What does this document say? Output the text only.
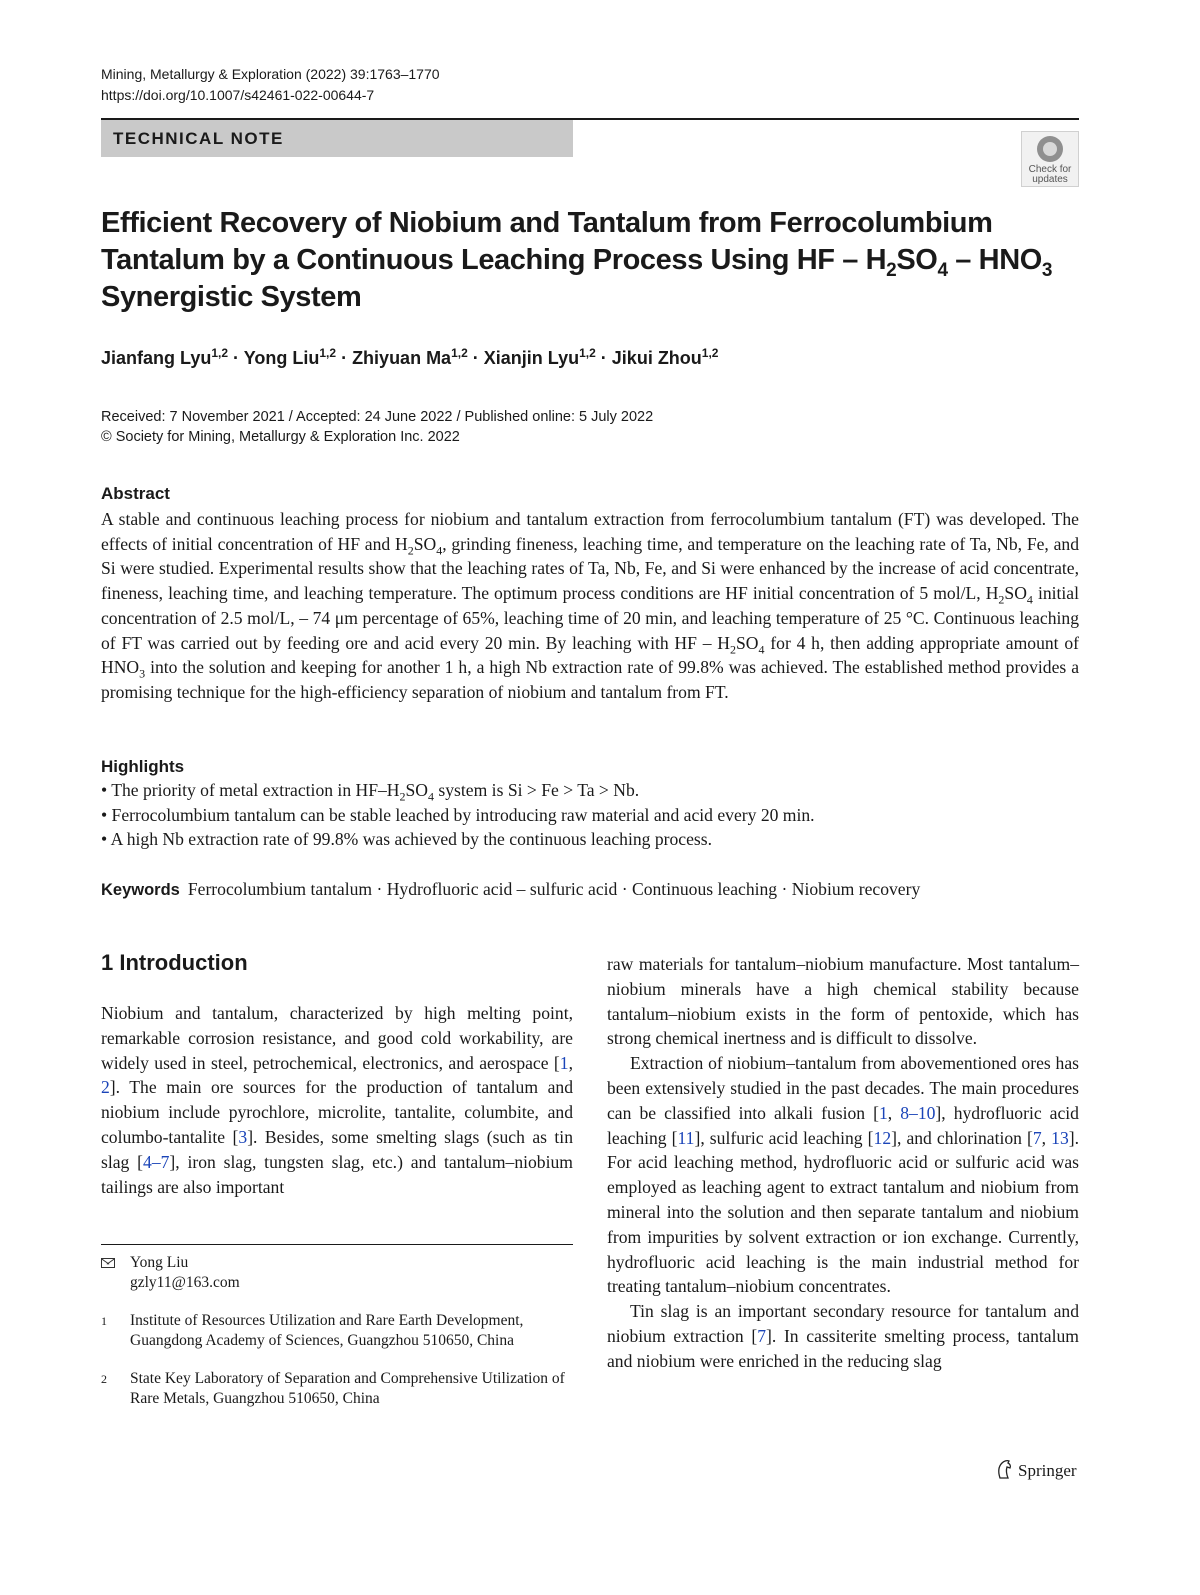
Mining, Metallurgy & Exploration (2022) 39:1763–1770
https://doi.org/10.1007/s42461-022-00644-7
TECHNICAL NOTE
Check for
updates
Efficient Recovery of Niobium and Tantalum from Ferrocolumbium
Tantalum by a Continuous Leaching Process Using HF – $H_2SO_4 - HNO_3$
Synergistic System
Jianfang Lyu$^{1,2}$ · Yong Liu$^{1,2}$ · Zhiyuan Ma$^{1,2}$ · Xianjin Lyu$^{1,2}$ · Jikui Zhou$^{1,2}$
Received: 7 November 2021 / Accepted: 24 June 2022 / Published online: 5 July 2022
© Society for Mining, Metallurgy & Exploration Inc. 2022
Abstract
A stable and continuous leaching process for niobium and tantalum extraction from ferrocolumbium tantalum (FT) was developed. The effects of initial concentration of HF and $H_2SO_4$, grinding fineness, leaching time, and temperature on the leaching rate of Ta, Nb, Fe, and Si were studied. Experimental results show that the leaching rates of Ta, Nb, Fe, and Si were enhanced by the increase of acid concentrate, fineness, leaching time, and leaching temperature. The optimum process conditions are HF initial concentration of 5 mol/L, $H_2SO_4$ initial concentration of 2.5 mol/L, – 74 μm percentage of 65%, leaching time of 20 min, and leaching temperature of 25 °C. Continuous leaching of FT was carried out by feeding ore and acid every 20 min. By leaching with HF – $H_2SO_4$ for 4 h, then adding appropriate amount of $HNO_3$ into the solution and keeping for another 1 h, a high Nb extraction rate of 99.8% was achieved. The established method provides a promising technique for the high-efficiency separation of niobium and tantalum from FT.
Highlights
• The priority of metal extraction in $HF-H_2SO_4$ system is Si > Fe > Ta > Nb.
• Ferrocolumbium tantalum can be stable leached by introducing raw material and acid every 20 min.
• A high Nb extraction rate of 99.8% was achieved by the continuous leaching process.
Keywords Ferrocolumbium tantalum · Hydrofluoric acid – sulfuric acid · Continuous leaching · Niobium recovery
1 Introduction

Niobium and tantalum, characterized by high melting point, remarkable corrosion resistance, and good cold workability, are widely used in steel, petrochemical, electronics, and aerospace [1, 2]. The main ore sources for the production of tantalum and niobium include pyrochlore, microlite, tantalite, columbite, and columbo-tantalite [3]. Besides, some smelting slags (such as tin slag [4–7], iron slag, tungsten slag, etc.) and tantalum–niobium tailings are also important

raw materials for tantalum–niobium manufacture. Most tantalum–niobium minerals have a high chemical stability because tantalum–niobium exists in the form of pentoxide, which has strong chemical inertness and is difficult to dissolve.

Extraction of niobium–tantalum from abovementioned ores has been extensively studied in the past decades. The main procedures can be classified into alkali fusion [1, 8–10], hydrofluoric acid leaching [11], sulfuric acid leaching [12], and chlorination [7, 13]. For acid leaching method, hydrofluoric acid or sulfuric acid was employed as leaching agent to extract tantalum and niobium from mineral into the solution and then separate tantalum and niobium from impurities by solvent extraction or ion exchange. Currently, hydrofluoric acid leaching is the main industrial method for treating tantalum–niobium concentrates.

Tin slag is an important secondary resource for tantalum and niobium extraction [7]. In cassiterite smelting process, tantalum and niobium were enriched in the reducing slag

Yong Liu
gzly11@163.com
1 Institute of Resources Utilization and Rare Earth Development, Guangdong Academy of Sciences, Guangzhou 510650, China
2 State Key Laboratory of Separation and Comprehensive Utilization of Rare Metals, Guangzhou 510650, China
Springer
